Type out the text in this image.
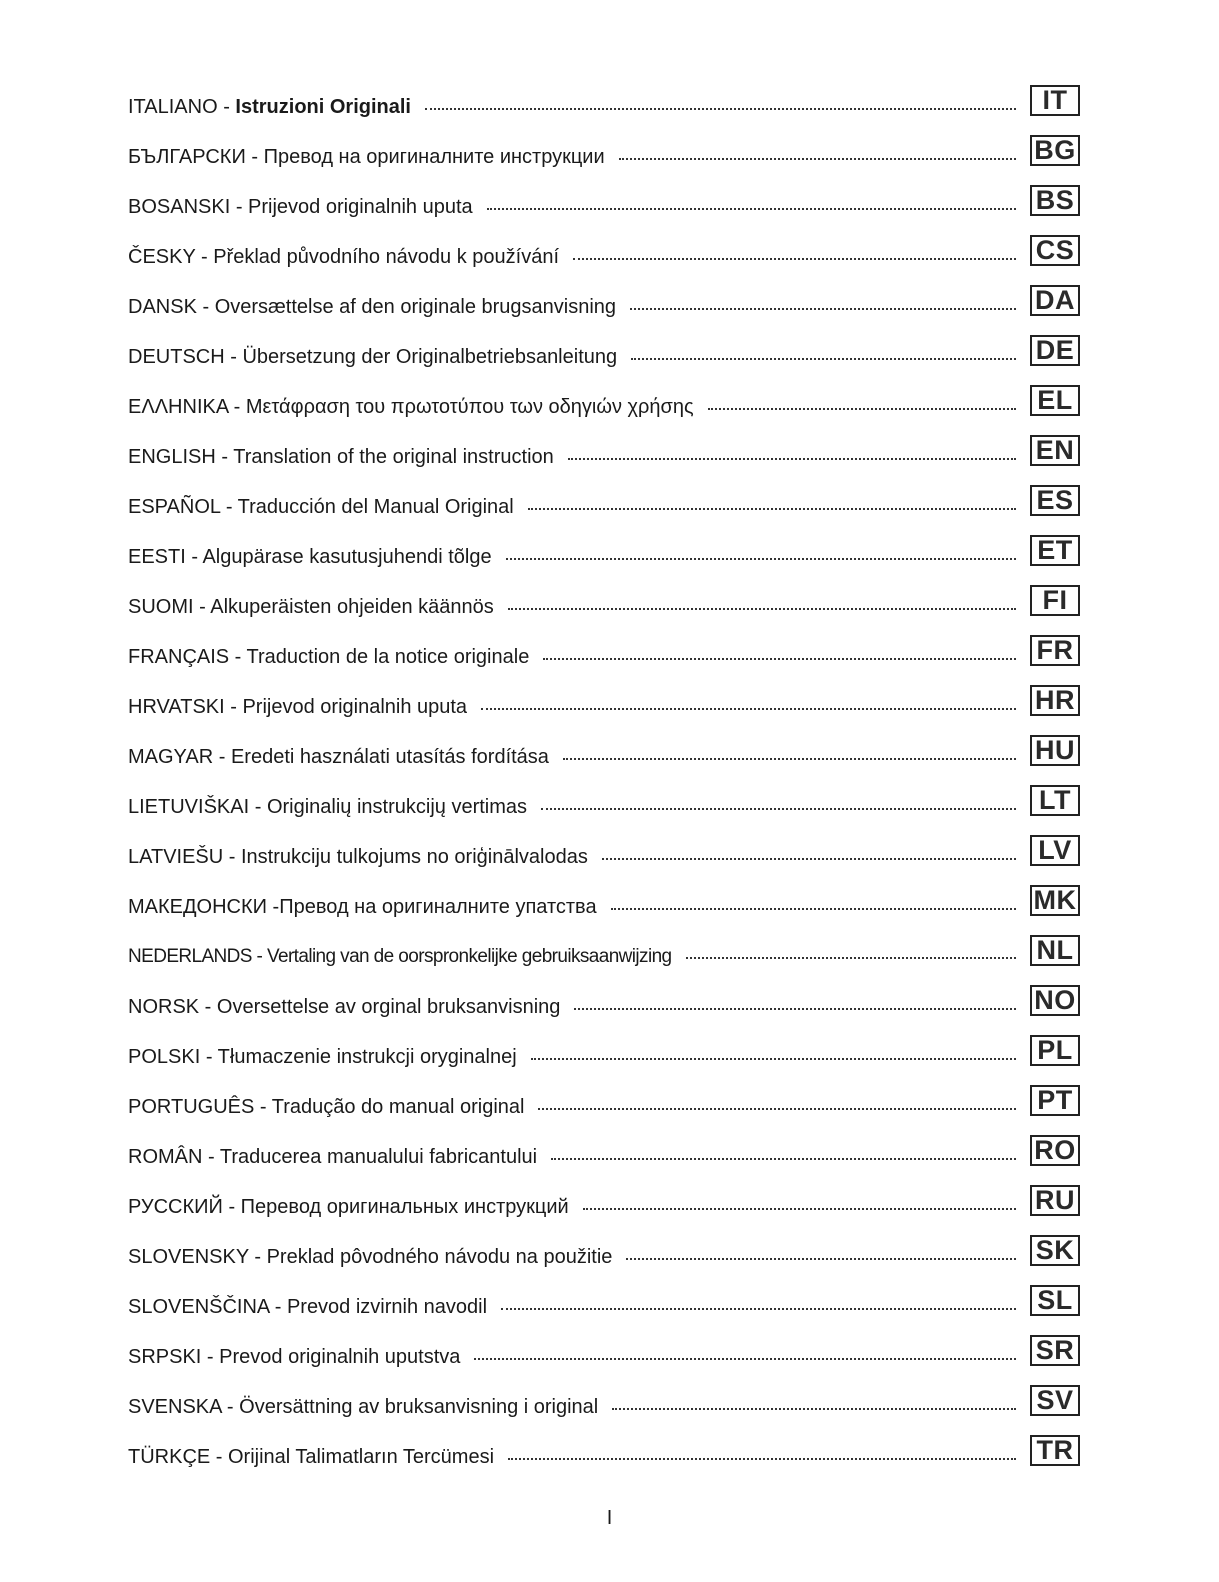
ITALIANO - Istruzioni Originali	IT
БЪЛГАРСКИ - Превод на оригиналните инструкции	BG
BOSANSKI - Prijevod originalnih uputa	BS
ČESKY - Překlad původního návodu k používání	CS
DANSK - Oversættelse af den originale brugsanvisning	DA
DEUTSCH - Übersetzung der Originalbetriebsanleitung	DE
ΕΛΛΗΝΙΚΑ - Μετάφραση του πρωτοτύπου των οδηγιών χρήσης	EL
ENGLISH - Translation of the original instruction	EN
ESPAÑOL - Traducción del Manual Original	ES
EESTI - Algupärase kasutusjuhendi tõlge	ET
SUOMI - Alkuperäisten ohjeiden käännös	FI
FRANÇAIS - Traduction de la notice originale	FR
HRVATSKI - Prijevod originalnih uputa	HR
MAGYAR - Eredeti használati utasítás fordítása	HU
LIETUVIŠKAI - Originalių instrukcijų vertimas	LT
LATVIEŠU - Instrukciju tulkojums no oriģinālvalodas	LV
МАКЕДОНСКИ -Превод на оригиналните упатства	MK
NEDERLANDS - Vertaling van de oorspronkelijke gebruiksaanwijzing	NL
NORSK - Oversettelse av orginal bruksanvisning	NO
POLSKI - Tłumaczenie instrukcji oryginalnej	PL
PORTUGUÊS - Tradução do manual original	PT
ROMÂN - Traducerea manualului fabricantului	RO
РУССКИЙ - Перевод оригинальных инструкций	RU
SLOVENSKY - Preklad pôvodného návodu na použitie	SK
SLOVENŠČINA - Prevod izvirnih navodil	SL
SRPSKI - Prevod originalnih uputstva	SR
SVENSKA - Översättning av bruksanvisning i original	SV
TÜRKÇE - Orijinal Talimatların Tercümesi	TR
I
